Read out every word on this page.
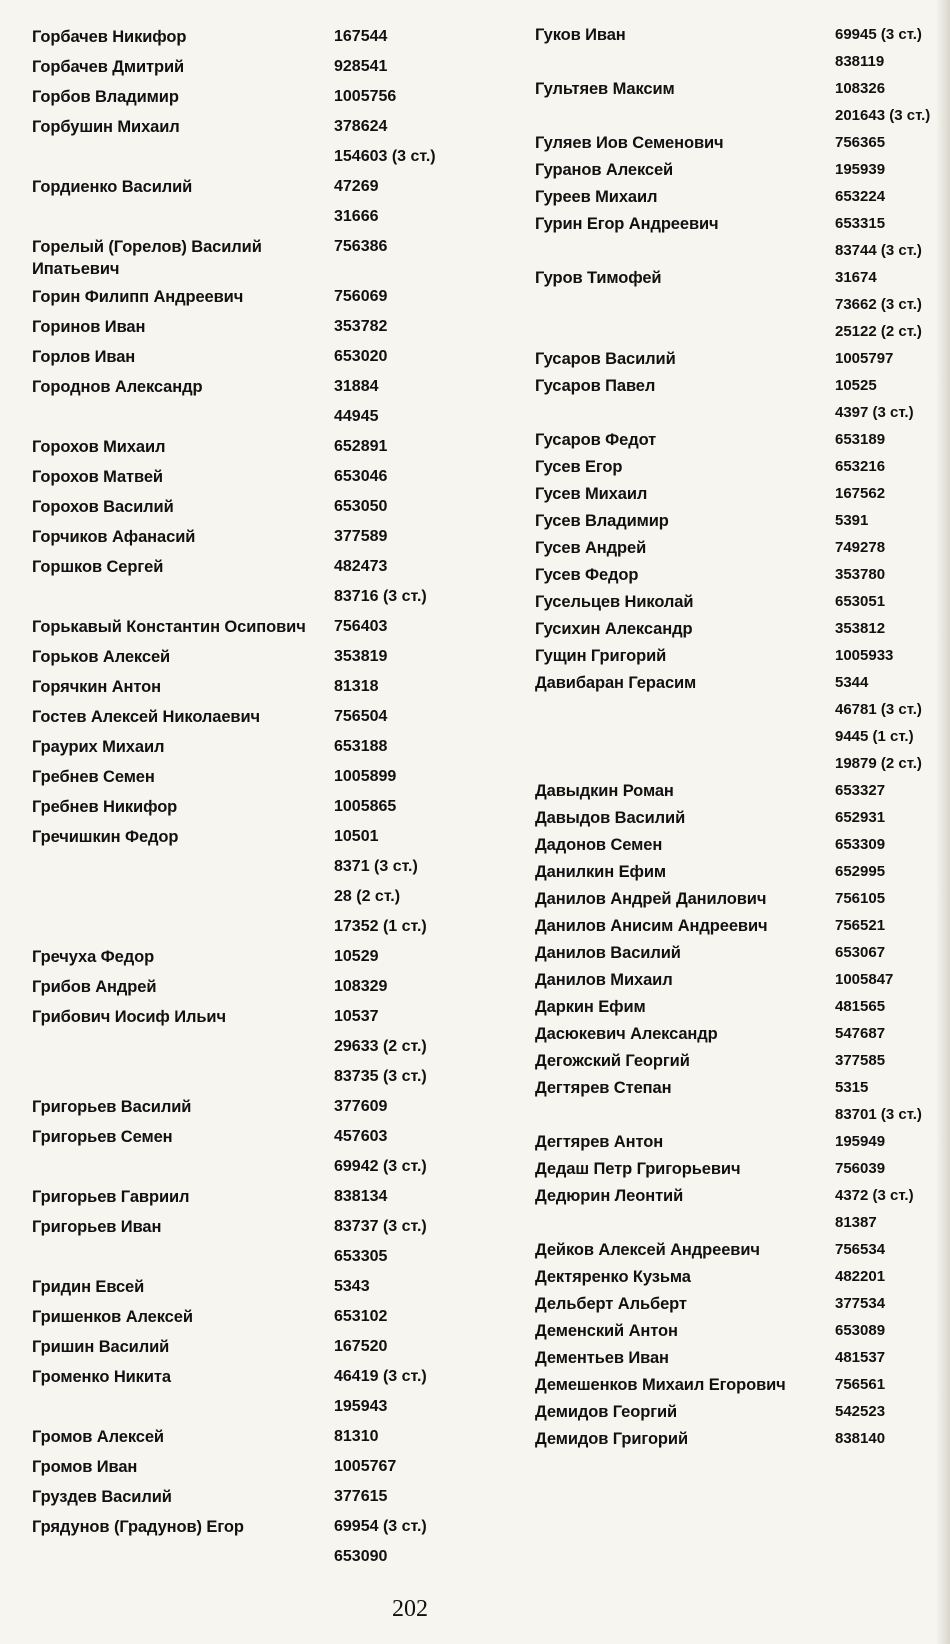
Горбачев Никифор	167544
Горбачев Дмитрий	928541
Горбов Владимир	1005756
Горбушин Михаил	378624
154603 (3 ст.)
Гордиенко Василий	47269
31666
Горелый (Горелов) Василий Ипатьевич
756386
Горин Филипп Андреевич	756069
Горинов Иван	353782
Горлов Иван	653020
Городнов Александр	31884
44945
Горохов Михаил	652891
Горохов Матвей	653046
Горохов Василий	653050
Горчиков Афанасий	377589
Горшков Сергей	482473
83716 (3 ст.)
Горькавый Константин Осипович	756403
Горьков Алексей	353819
Горячкин Антон	81318
Гостев Алексей Николаевич	756504
Граурих Михаил	653188
Гребнев Семен	1005899
Гребнев Никифор	1005865
Гречишкин Федор	10501
8371 (3 ст.)
28 (2 ст.)
17352 (1 ст.)
Гречуха Федор	10529
Грибов Андрей	108329
Грибович Иосиф Ильич	10537
29633 (2 ст.)
83735 (3 ст.)
Григорьев Василий	377609
Григорьев Семен	457603
69942 (3 ст.)
Григорьев Гавриил	838134
Григорьев Иван	83737 (3 ст.)
653305
Гридин Евсей	5343
Гришенков Алексей	653102
Гришин Василий	167520
Громенко Никита	46419 (3 ст.)
195943
Громов Алексей	81310
Громов Иван	1005767
Груздев Василий	377615
Грядунов (Градунов) Егор	69954 (3 ст.)
653090
Гуков Иван	69945 (3 ст.)
838119
Гультяев Максим	108326
201643 (3 ст.)
Гуляев Иов Семенович	756365
Гуранов Алексей	195939
Гуреев Михаил	653224
Гурин Егор Андреевич	653315
83744 (3 ст.)
Гуров Тимофей	31674
73662 (3 ст.)
25122 (2 ст.)
Гусаров Василий	1005797
Гусаров Павел	10525
4397 (3 ст.)
Гусаров Федот	653189
Гусев Егор	653216
Гусев Михаил	167562
Гусев Владимир	5391
Гусев Андрей	749278
Гусев Федор	353780
Гусельцев Николай	653051
Гусихин Александр	353812
Гущин Григорий	1005933
Давибаран Герасим	5344
46781 (3 ст.)
9445 (1 ст.)
19879 (2 ст.)
Давыдкин Роман	653327
Давыдов Василий	652931
Дадонов Семен	653309
Данилкин Ефим	652995
Данилов Андрей Данилович	756105
Данилов Анисим Андреевич	756521
Данилов Василий	653067
Данилов Михаил	1005847
Даркин Ефим	481565
Дасюкевич Александр	547687
Дегожский Георгий	377585
Дегтярев Степан	5315
83701 (3 ст.)
Дегтярев Антон	195949
Дедаш Петр Григорьевич	756039
Дедюрин Леонтий	4372 (3 ст.)
81387
Дейков Алексей Андреевич	756534
Дектяренко Кузьма	482201
Дельберт Альберт	377534
Деменский Антон	653089
Дементьев Иван	481537
Демешенков Михаил Егорович	756561
Демидов Георгий	542523
Демидов Григорий	838140
202
